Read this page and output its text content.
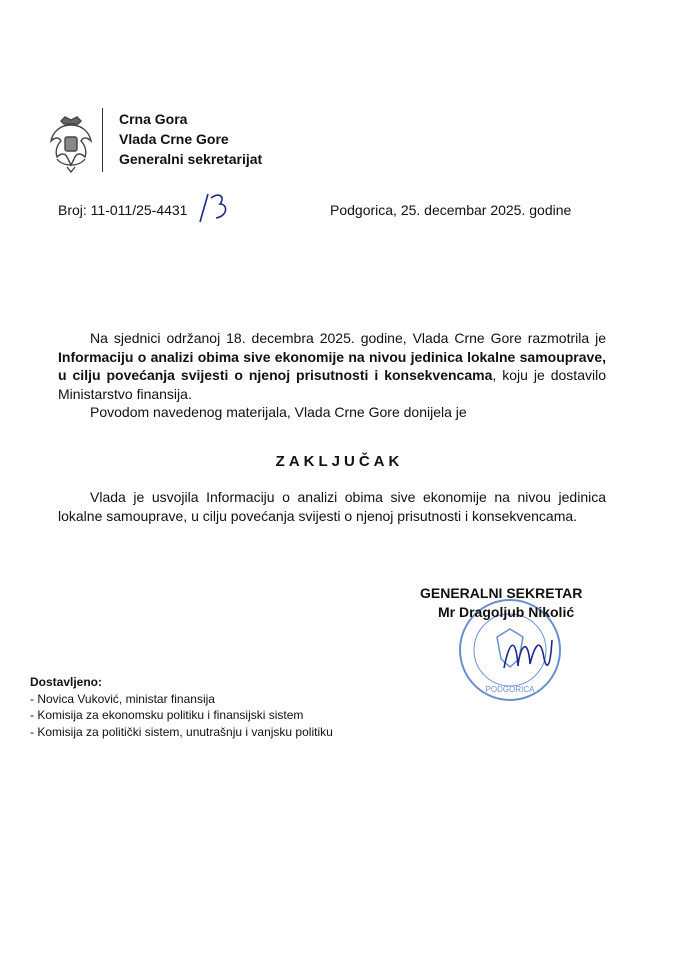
Crna Gora
Vlada Crne Gore
Generalni sekretarijat
Broj: 11-011/25-4431	Podgorica, 25. decembar 2025. godine
Na sjednici održanoj 18. decembra 2025. godine, Vlada Crne Gore razmotrila je Informaciju o analizi obima sive ekonomije na nivou jedinica lokalne samouprave, u cilju povećanja svijesti o njenoj prisutnosti i konsekvencama, koju je dostavilo Ministarstvo finansija.
Povodom navedenog materijala, Vlada Crne Gore donijela je
ZAKLJUČAK
Vlada je usvojila Informaciju o analizi obima sive ekonomije na nivou jedinica lokalne samouprave, u cilju povećanja svijesti o njenoj prisutnosti i konsekvencama.
PODGORICA
GENERALNI SEKRETAR
Mr Dragoljub Nikolić
Dostavljeno:
- Novica Vuković, ministar finansija
- Komisija za ekonomsku politiku i finansijski sistem
- Komisija za politički sistem, unutrašnju i vanjsku politiku
